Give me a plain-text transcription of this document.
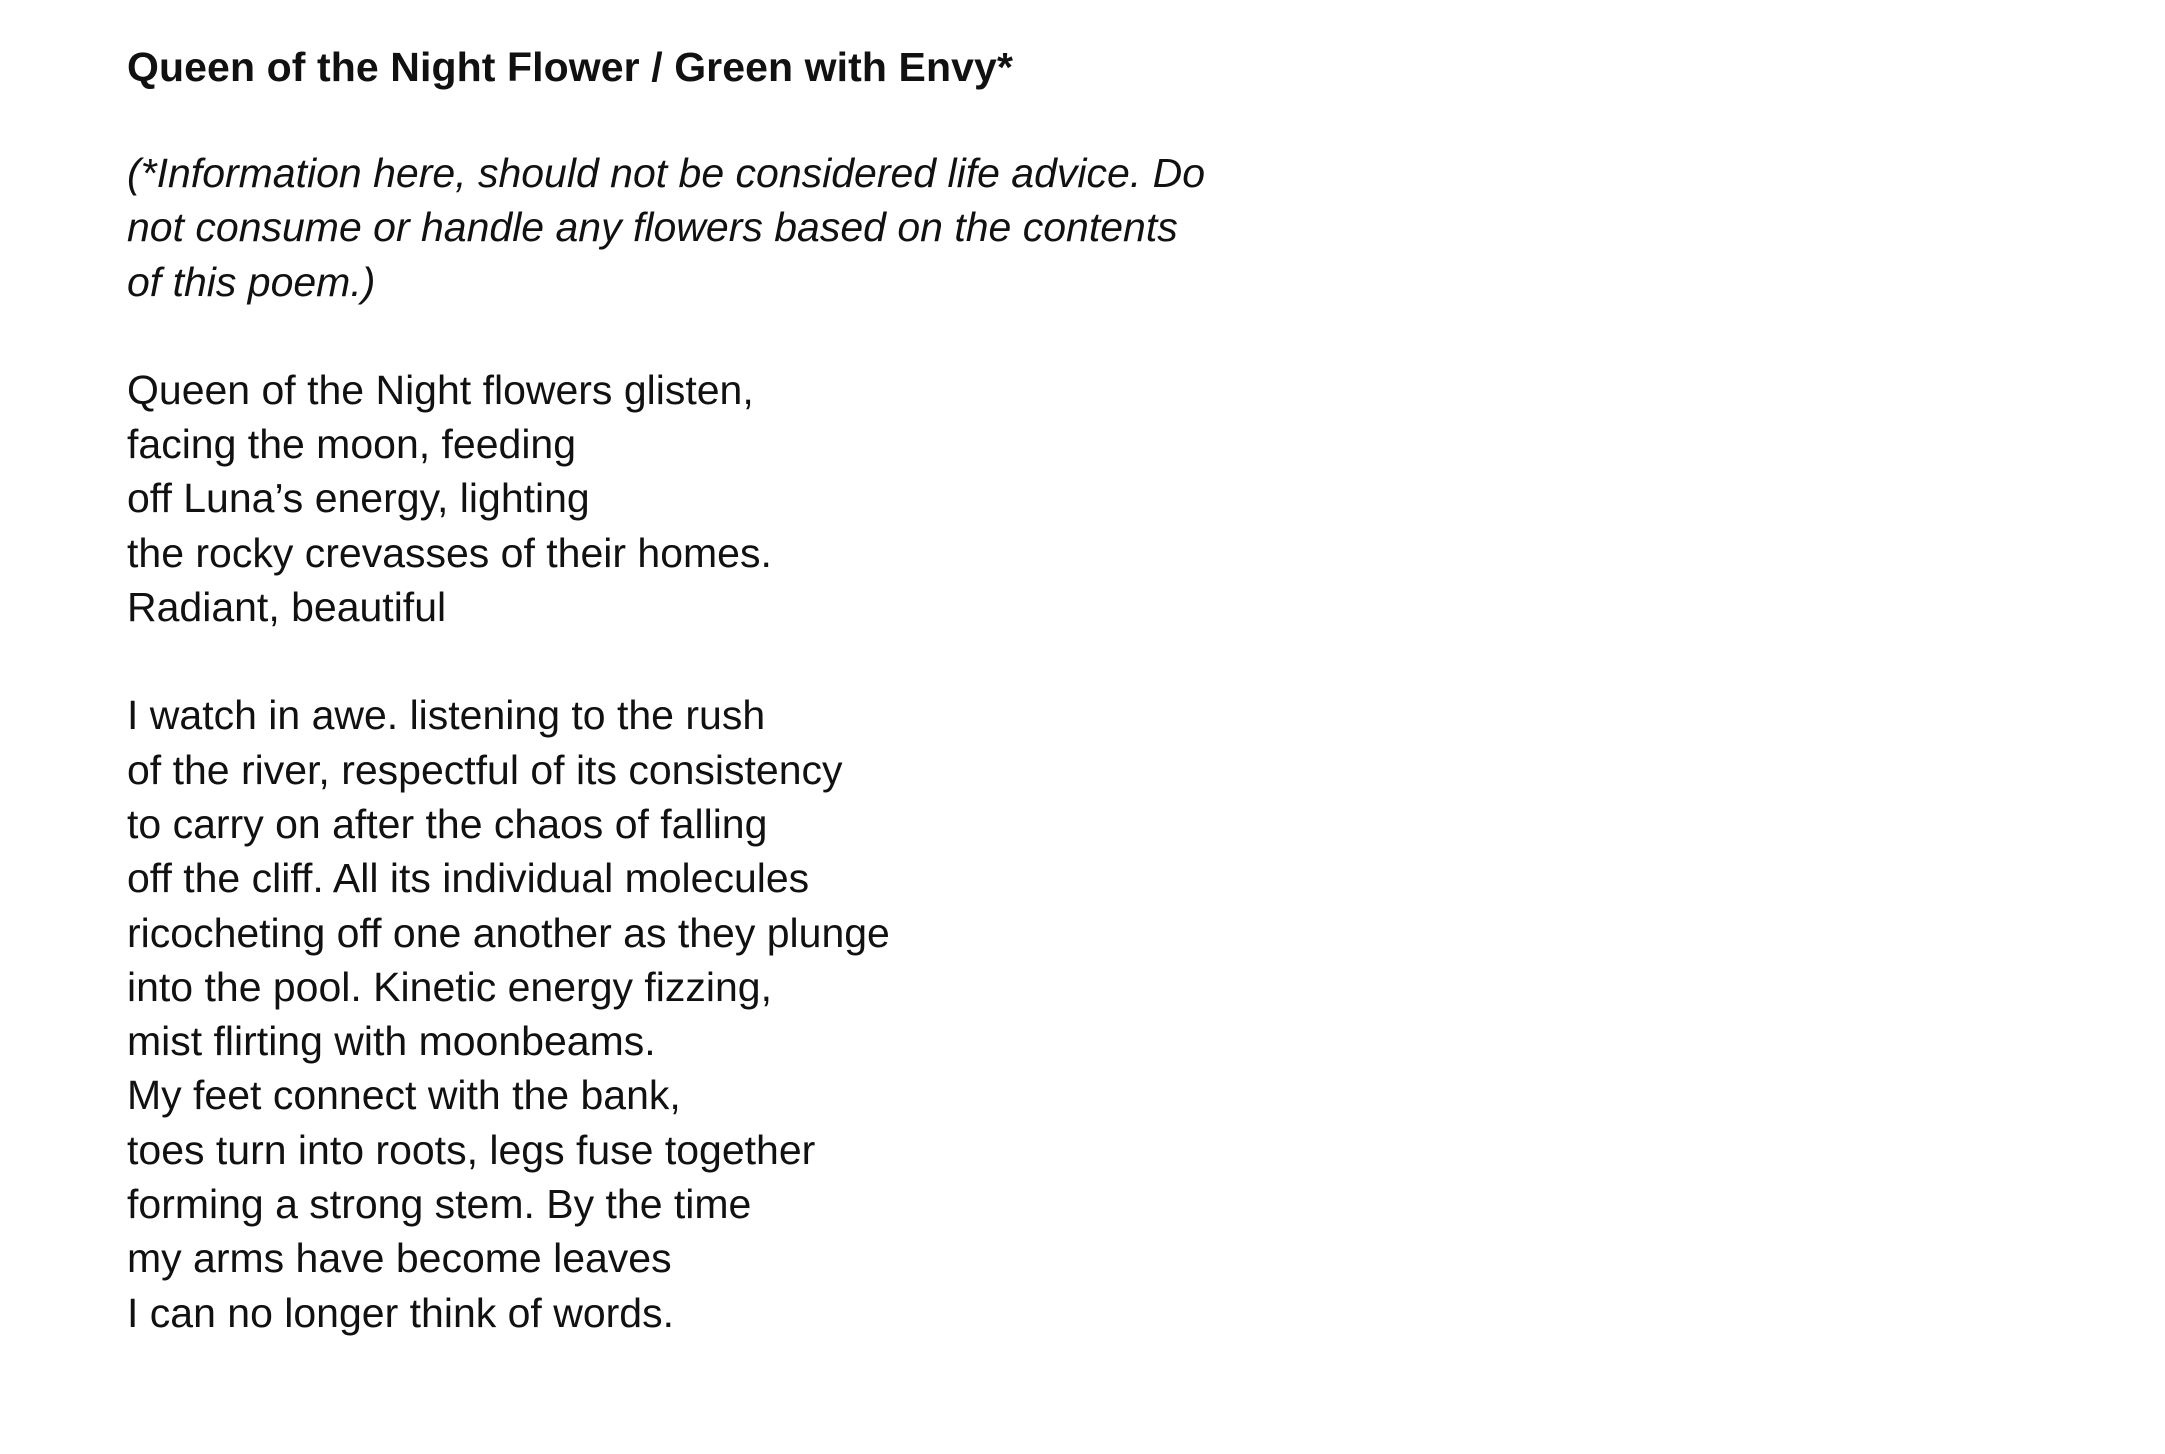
Queen of the Night Flower / Green with Envy*

(*Information here, should not be considered life advice. Do
not consume or handle any flowers based on the contents
of this poem.)

Queen of the Night flowers glisten,
facing the moon, feeding
off Luna’s energy, lighting
the rocky crevasses of their homes.
Radiant, beautiful

I watch in awe. listening to the rush
of the river, respectful of its consistency
to carry on after the chaos of falling
off the cliff. All its individual molecules
ricocheting off one another as they plunge
into the pool. Kinetic energy fizzing,
mist flirting with moonbeams.
My feet connect with the bank,
toes turn into roots, legs fuse together
forming a strong stem. By the time
my arms have become leaves
I can no longer think of words.
